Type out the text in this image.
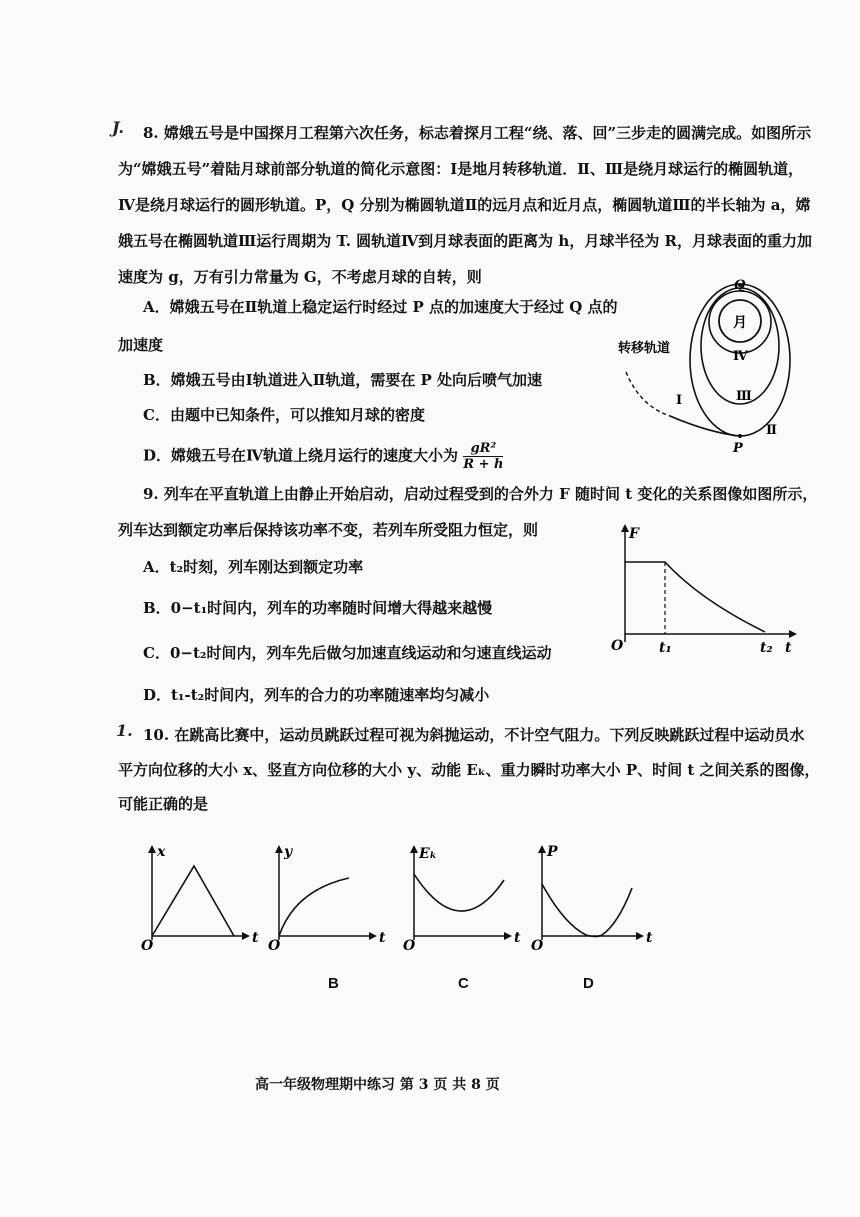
J. 8. 嫦娥五号是中国探月工程第六次任务，标志着探月工程“绕、落、回”三步走的圆满完成。如图所示
为“嫦娥五号”着陆月球前部分轨道的简化示意图：Ⅰ是地月转移轨道．Ⅱ、Ⅲ是绕月球运行的椭圆轨道，
Ⅳ是绕月球运行的圆形轨道。P，Q 分别为椭圆轨道Ⅱ的远月点和近月点，椭圆轨道Ⅲ的半长轴为 a，嫦
娥五号在椭圆轨道Ⅲ运行周期为 T. 圆轨道Ⅳ到月球表面的距离为 h，月球半径为 R，月球表面的重力加
速度为 g，万有引力常量为 G，不考虑月球的自转，则
A．嫦娥五号在Ⅱ轨道上稳定运行时经过 P 点的加速度大于经过 Q 点的
加速度
B．嫦娥五号由Ⅰ轨道进入Ⅱ轨道，需要在 P 处向后喷气加速
C．由题中已知条件，可以推知月球的密度
D．嫦娥五号在Ⅳ轨道上绕月运行的速度大小为 $\frac{\text{gR²}}{R + h}$
月
Q
P
转移轨道
Ⅰ
Ⅱ
Ⅲ
Ⅳ
9. 列车在平直轨道上由静止开始启动，启动过程受到的合外力 F 随时间 t 变化的关系图像如图所示，
列车达到额定功率后保持该功率不变，若列车所受阻力恒定，则
A．t₂时刻，列车刚达到额定功率
B．0−t₁时间内，列车的功率随时间增大得越来越慢
C．0−t₂时间内，列车先后做匀加速直线运动和匀速直线运动
D．t₁-t₂时间内，列车的合力的功率随速率均匀减小
F
O	t₁	t₂ t
1. 10. 在跳高比赛中，运动员跳跃过程可视为斜抛运动，不计空气阻力。下列反映跳跃过程中运动员水
平方向位移的大小 x、竖直方向位移的大小 y、动能 Eₖ、重力瞬时功率大小 P、时间 t 之间关系的图像，
可能正确的是
x
O	t
y
O	t
Eₖ
O	t
P
O	t
B	C	D
高一年级物理期中练习 第 3 页 共 8 页
